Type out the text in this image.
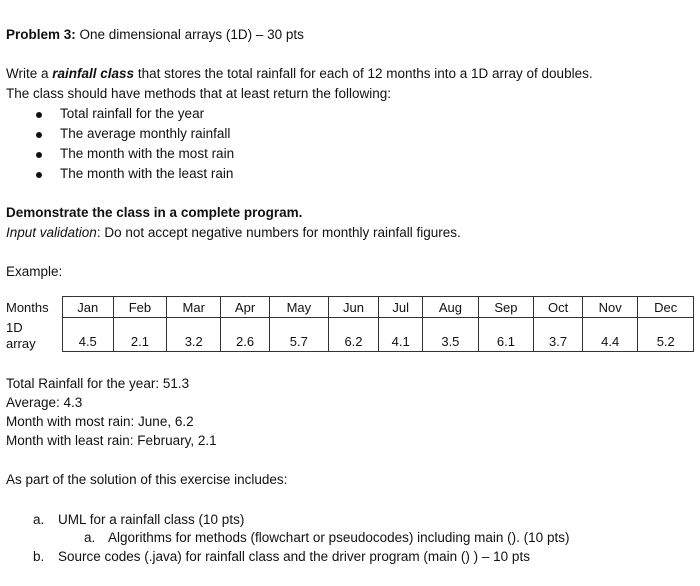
Problem 3: One dimensional arrays (1D) – 30 pts
Write a rainfall class that stores the total rainfall for each of 12 months into a 1D array of doubles.
The class should have methods that at least return the following:
Total rainfall for the year
The average monthly rainfall
The month with the most rain
The month with the least rain
Demonstrate the class in a complete program.
Input validation: Do not accept negative numbers for monthly rainfall figures.
Example:
Months	Jan	Feb	Mar	Apr	May	Jun	Jul	Aug	Sep	Oct	Nov	Dec
1D
array	4.5	2.1	3.2	2.6	5.7	6.2	4.1	3.5	6.1	3.7	4.4	5.2
Total Rainfall for the year: 51.3
Average: 4.3
Month with most rain: June, 6.2
Month with least rain: February, 2.1
As part of the solution of this exercise includes:
a. UML for a rainfall class (10 pts)
a. Algorithms for methods (flowchart or pseudocodes) including main (). (10 pts)
b. Source codes (.java) for rainfall class and the driver program (main () ) – 10 pts
